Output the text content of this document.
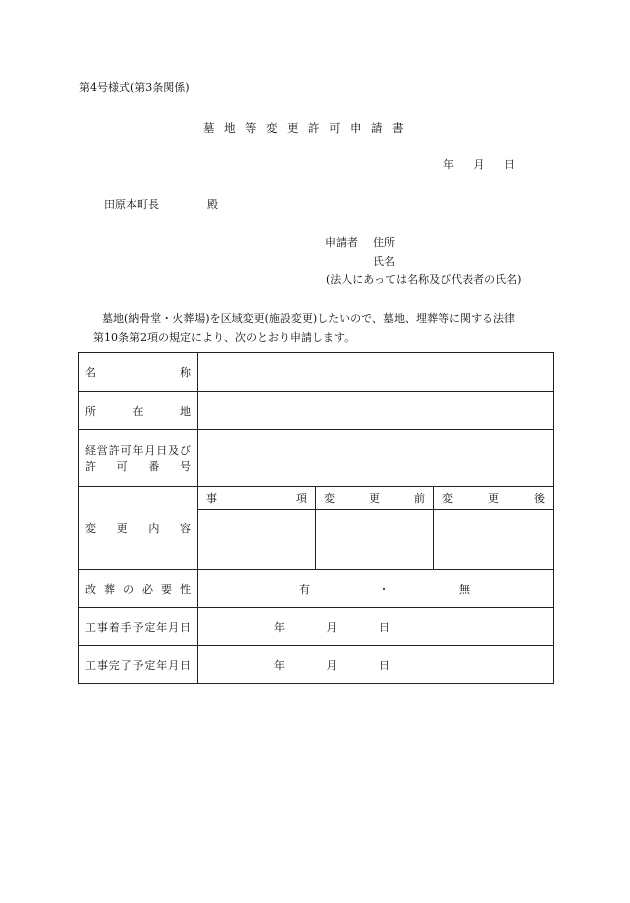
第4号様式(第3条関係)
墓地等変更許可申請書
年 月 日
田原本町長	殿
申請者 住所
氏名
(法人にあっては名称及び代表者の氏名)
墓地(納骨堂・火葬場)を区域変更(施設変更)したいので、墓地、埋葬等に関する法律
第10条第2項の規定により、次のとおり申請します。
名称			
所在地			

経営許可年月日及び
許可番号			

変更内容	事項	変更前	変更後

改葬の必要性	有 ・ 無		
工事着手予定年月日	年 月 日		
工事完了予定年月日	年 月 日		
